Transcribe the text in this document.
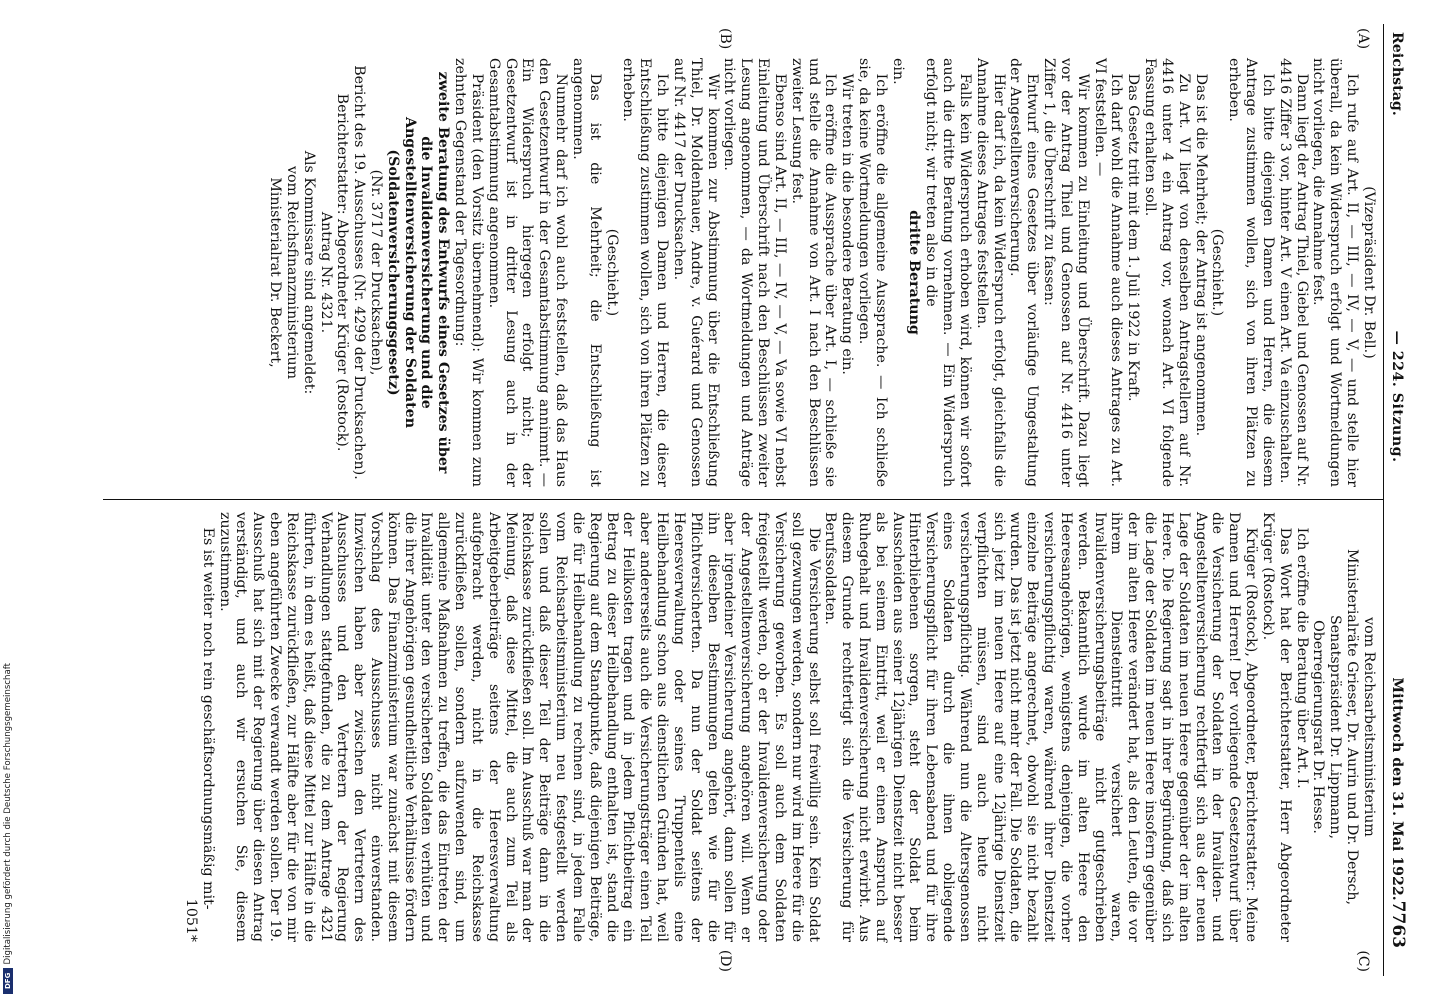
Reichstag.
— 224. Sitzung.
Mittwoch den 31. Mai 1922.
7763
(A)
(B)

(Vizepräsident Dr. Bell.)

Ich rufe auf Art. II, — III, — IV, — V, — und stelle hier überall, da kein Widerspruch erfolgt und Wortmeldungen nicht vorliegen, die Annahme fest.

Dann liegt der Antrag Thiel, Giebel und Genossen auf Nr. 4416 Ziffer 3 vor, hinter Art. V einen Art. Va einzuschalten.

Ich bitte diejenigen Damen und Herren, die diesem Antrage zustimmen wollen, sich von ihren Plätzen zu erheben.

(Geschieht.)

Das ist die Mehrheit; der Antrag ist angenommen.

Zu Art. VI liegt von denselben Antragstellern auf Nr. 4416 unter 4 ein Antrag vor, wonach Art. VI folgende Fassung erhalten soll.

Das Gesetz tritt mit dem 1. Juli 1922 in Kraft.

Ich darf wohl die Annahme auch dieses Antrages zu Art. VI feststellen. —

Wir kommen zu Einleitung und Überschrift. Dazu liegt vor der Antrag Thiel und Genossen auf Nr. 4416 unter Ziffer 1, die Überschrift zu fassen:

Entwurf eines Gesetzes über vorläufige Umgestaltung der Angestelltenversicherung.

Hier darf ich, da kein Widerspruch erfolgt, gleichfalls die Annahme dieses Antrages feststellen.

Falls kein Widerspruch erhoben wird, können wir sofort auch die dritte Beratung vornehmen. — Ein Widerspruch erfolgt nicht; wir treten also in die

dritte Beratung

ein.

Ich eröffne die allgemeine Aussprache. — Ich schließe sie, da keine Wortmeldungen vorliegen.

Wir treten in die besondere Beratung ein.

Ich eröffne die Aussprache über Art. I, — schließe sie und stelle die Annahme von Art. I nach den Beschlüssen zweiter Lesung fest.

Ebenso sind Art. II, — III, — IV, — V, — Va sowie VI nebst Einleitung und Überschrift nach den Beschlüssen zweiter Lesung angenommen, — da Wortmeldungen und Anträge nicht vorliegen.

Wir kommen zur Abstimmung über die Entschließung Thiel, Dr. Moldenhauer, Andre, v. Guérard und Genossen auf Nr. 4417 der Drucksachen.

Ich bitte diejenigen Damen und Herren, die dieser Entschließung zustimmen wollen, sich von ihren Plätzen zu erheben.

(Geschieht.)

Das ist die Mehrheit; die Entschließung ist angenommen.

Nunmehr darf ich wohl auch feststellen, daß das Haus den Gesetzentwurf in der Gesamtabstimmung annimmt. — Ein Widerspruch hiergegen erfolgt nicht; der Gesetzentwurf ist in dritter Lesung auch in der Gesamtabstimmung angenommen.

Präsident (den Vorsitz übernehmend): Wir kommen zum zehnten Gegenstand der Tagesordnung:

zweite Beratung des Entwurfs eines Gesetzes über die Invalidenversicherung und die Angestelltenversicherung der Soldaten (Soldatenversicherungsgesetz)

(Nr. 3717 der Drucksachen),

Bericht des 19. Ausschusses (Nr. 4299 der Drucksachen).

Berichterstatter: Abgeordneter Krüger (Rostock).

Antrag Nr. 4321.

Als Kommissare sind angemeldet:

vom Reichsfinanzministerium

Ministerialrat Dr. Beckert,

(C)
(D)

vom Reichsarbeitsministerium

Ministerialräte Grieser, Dr. Aurin und Dr. Dersch,

Senatspräsident Dr. Lippmann,

Oberregierungsrat Dr. Hesse.

Ich eröffne die Beratung über Art. I.

Das Wort hat der Berichterstatter, Herr Abgeordneter Krüger (Rostock).

Krüger (Rostock), Abgeordneter, Berichterstatter: Meine Damen und Herren! Der vorliegende Gesetzentwurf über die Versicherung der Soldaten in der Invaliden- und Angestelltenversicherung rechtfertigt sich aus der neuen Lage der Soldaten im neuen Heere gegenüber der im alten Heere. Die Regierung sagt in ihrer Begründung, daß sich die Lage der Soldaten im neuen Heere insofern gegenüber der im alten Heere verändert hat, als den Leuten, die vor ihrem Diensteintritt versichert waren, Invalidenversicherungsbeiträge nicht gutgeschrieben werden. Bekanntlich wurde im alten Heere den Heeresangehörigen, wenigstens denjenigen, die vorher versicherungspflichtig waren, während ihrer Dienstzeit einzelne Beiträge angerechnet, obwohl sie nicht bezahlt wurden. Das ist jetzt nicht mehr der Fall. Die Soldaten, die sich jetzt im neuen Heere auf eine 12jährige Dienstzeit verpflichten müssen, sind auch heute nicht versicherungspflichtig. Während nun die Altersgenossen eines Soldaten durch die ihnen obliegende Versicherungspflicht für ihren Lebensabend und für ihre Hinterbliebenen sorgen, steht der Soldat beim Ausscheiden aus seiner 12jährigen Dienstzeit nicht besser als bei seinem Eintritt, weil er einen Anspruch auf Ruhegehalt und Invalidenversicherung nicht erwirbt. Aus diesem Grunde rechtfertigt sich die Versicherung für Berufssoldaten.

Die Versicherung selbst soll freiwillig sein. Kein Soldat soll gezwungen werden, sondern nur wird im Heere für die Versicherung geworben. Es soll auch dem Soldaten freigestellt werden, ob er der Invalidenversicherung oder der Angestelltenversicherung angehören will. Wenn er aber irgendeiner Versicherung angehört, dann sollen für ihn dieselben Bestimmungen gelten wie für die Pflichtversicherten. Da nun der Soldat seitens der Heeresverwaltung oder seines Truppenteils eine Heilbehandlung schon aus dienstlichen Gründen hat, weil aber andererseits auch die Versicherungsträger einen Teil der Heilkosten tragen und in jedem Pflichtbeitrag ein Betrag zu dieser Heilbehandlung enthalten ist, stand die Regierung auf dem Standpunkte, daß diejenigen Beiträge, die für Heilbehandlung zu rechnen sind, in jedem Falle vom Reichsarbeitsministerium neu festgestellt werden sollen und daß dieser Teil der Beiträge dann in die Reichskasse zurückfließen soll. Im Ausschuß war man der Meinung, daß diese Mittel, die auch zum Teil als Arbeitgeberbeiträge seitens der Heeresverwaltung aufgebracht werden, nicht in die Reichskasse zurückfließen sollen, sondern aufzuwenden sind, um allgemeine Maßnahmen zu treffen, die das Eintreten der Invalidität unter den versicherten Soldaten verhüten und die ihrer Angehörigen gesundheitliche Verhältnisse fördern können. Das Finanzministerium war zunächst mit diesem Vorschlag des Ausschusses nicht einverstanden. Inzwischen haben aber zwischen den Vertretern des Ausschusses und den Vertretern der Regierung Verhandlungen stattgefunden, die zu dem Antrage 4321 führten, in dem es heißt, daß diese Mittel zur Hälfte in die Reichskasse zurückfließen, zur Hälfte aber für die von mir eben angeführten Zwecke verwandt werden sollen. Der 19. Ausschuß hat sich mit der Regierung über diesen Antrag verständigt, und auch wir ersuchen Sie, diesem zuzustimmen.

Es ist weiter noch rein geschäftsordnungsmäßig mit-

1051*

Digitalisierung gefördert durch die Deutsche Forschungsgemeinschaft
DFG
